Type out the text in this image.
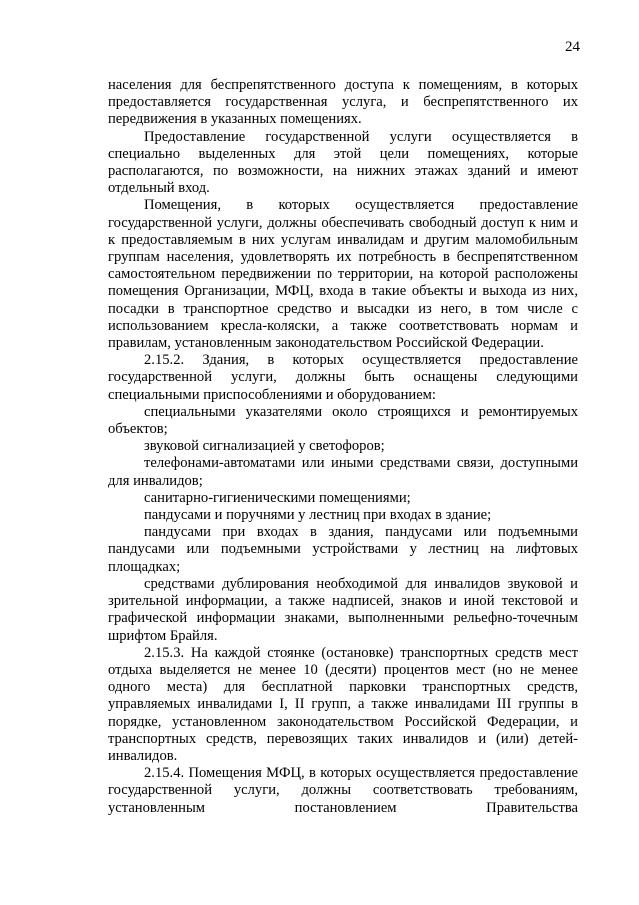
24

населения для беспрепятственного доступа к помещениям, в которых предоставляется государственная услуга, и беспрепятственного их передвижения в указанных помещениях.

Предоставление государственной услуги осуществляется в специально выделенных для этой цели помещениях, которые располагаются, по возможности, на нижних этажах зданий и имеют отдельный вход.

Помещения, в которых осуществляется предоставление государственной услуги, должны обеспечивать свободный доступ к ним и к предоставляемым в них услугам инвалидам и другим маломобильным группам населения, удовлетворять их потребность в беспрепятственном самостоятельном передвижении по территории, на которой расположены помещения Организации, МФЦ, входа в такие объекты и выхода из них, посадки в транспортное средство и высадки из него, в том числе с использованием кресла-коляски, а также соответствовать нормам и правилам, установленным законодательством Российской Федерации.

2.15.2. Здания, в которых осуществляется предоставление государственной услуги, должны быть оснащены следующими специальными приспособлениями и оборудованием:

специальными указателями около строящихся и ремонтируемых объектов;

звуковой сигнализацией у светофоров;

телефонами-автоматами или иными средствами связи, доступными для инвалидов;

санитарно-гигиеническими помещениями;

пандусами и поручнями у лестниц при входах в здание;

пандусами при входах в здания, пандусами или подъемными пандусами или подъемными устройствами у лестниц на лифтовых площадках;

средствами дублирования необходимой для инвалидов звуковой и зрительной информации, а также надписей, знаков и иной текстовой и графической информации знаками, выполненными рельефно-точечным шрифтом Брайля.

2.15.3. На каждой стоянке (остановке) транспортных средств мест отдыха выделяется не менее 10 (десяти) процентов мест (но не менее одного места) для бесплатной парковки транспортных средств, управляемых инвалидами I, II групп, а также инвалидами III группы в порядке, установленном законодательством Российской Федерации, и транспортных средств, перевозящих таких инвалидов и (или) детей-инвалидов.

2.15.4. Помещения МФЦ, в которых осуществляется предоставление государственной услуги, должны соответствовать требованиям, установленным постановлением Правительства
